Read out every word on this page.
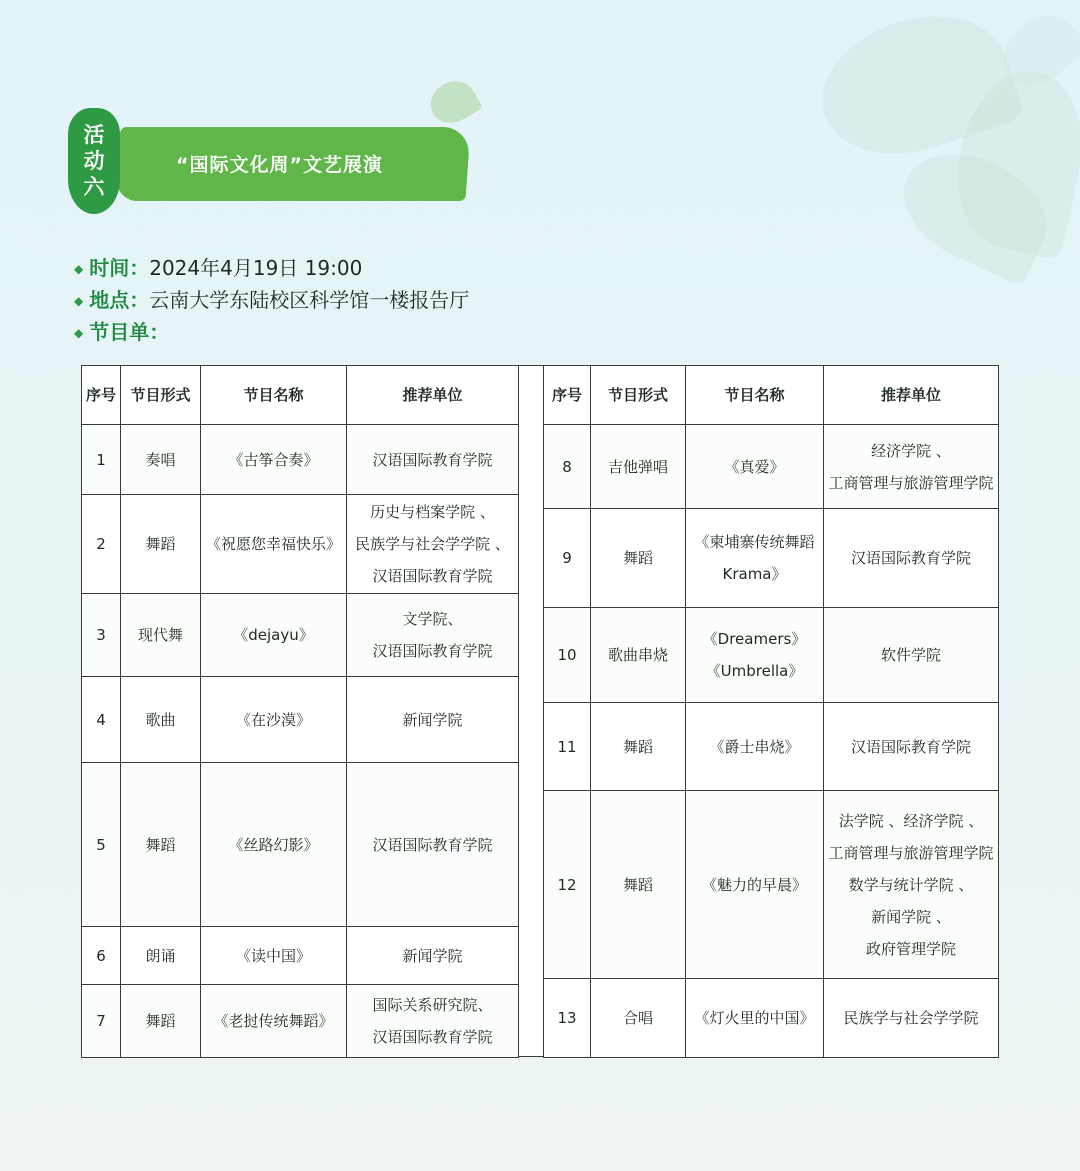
活动六
“国际文化周”文艺展演
◆ 时间：2024年4月19日 19:00
◆ 地点：云南大学东陆校区科学馆一楼报告厅
◆ 节目单：
序号	节目形式	节目名称	推荐单位
1	奏唱	《古筝合奏》	汉语国际教育学院

2	舞蹈	《祝愿您幸福快乐》	历史与档案学院 、
民族学与社会学学院 、
汉语国际教育学院

3	现代舞	《dejayu》	文学院、
汉语国际教育学院

4	歌曲	《在沙漠》	新闻学院

5	舞蹈	《丝路幻影》	汉语国际教育学院

6	朗诵	《读中国》	新闻学院

7	舞蹈	《老挝传统舞蹈》	国际关系研究院、
汉语国际教育学院
序号	节目形式	节目名称	推荐单位
8	吉他弹唱	《真爱》	经济学院 、
工商管理与旅游管理学院

9	舞蹈	《柬埔寨传统舞蹈
Krama》	汉语国际教育学院

10	歌曲串烧	《Dreamers》
《Umbrella》	软件学院

11	舞蹈	《爵士串烧》	汉语国际教育学院

12	舞蹈	《魅力的早晨》	法学院 、经济学院 、
工商管理与旅游管理学院
数学与统计学院 、
新闻学院 、
政府管理学院

13	合唱	《灯火里的中国》	民族学与社会学学院
